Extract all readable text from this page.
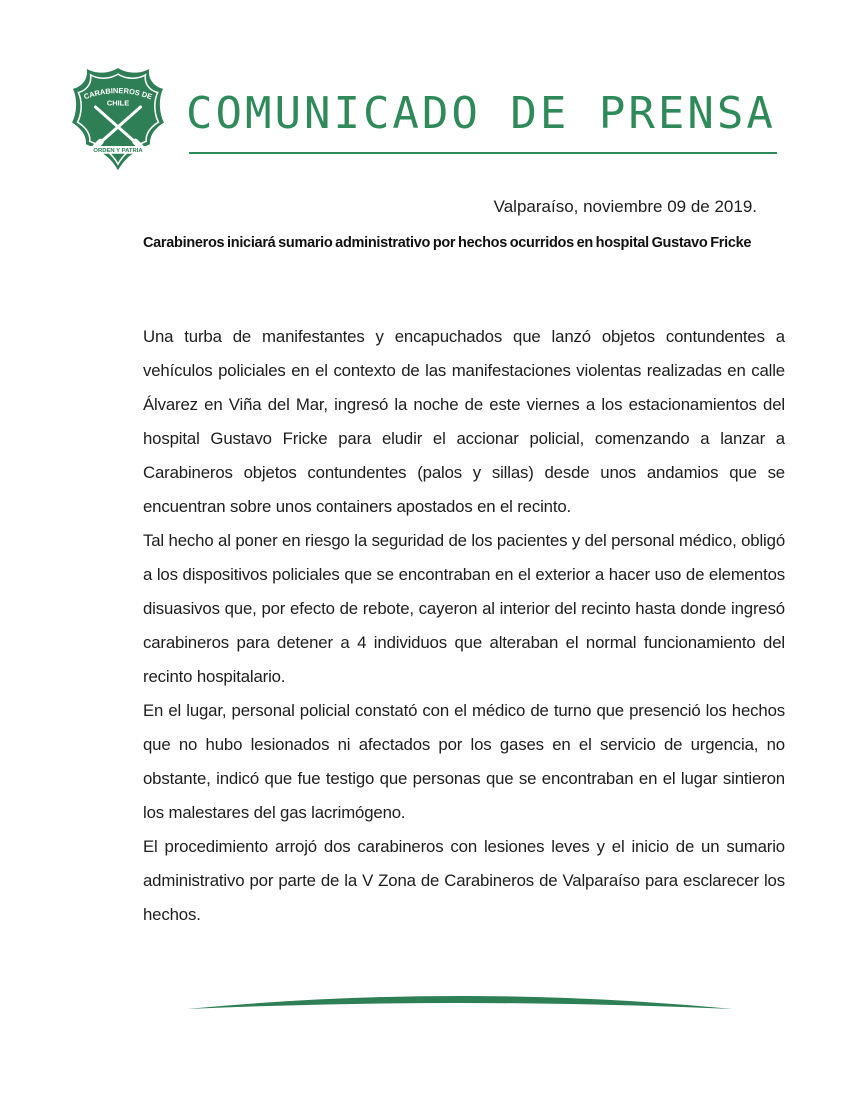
CARABINEROS DE
CHILE
ORDEN Y PATRIA
COMUNICADO DE PRENSA
Valparaíso, noviembre 09 de 2019.
Carabineros iniciará sumario administrativo por hechos ocurridos en hospital Gustavo Fricke

Una turba de manifestantes y encapuchados que lanzó objetos contundentes a vehículos policiales en el contexto de las manifestaciones violentas realizadas en calle Álvarez en Viña del Mar, ingresó la noche de este viernes a los estacionamientos del hospital Gustavo Fricke para eludir el accionar policial, comenzando a lanzar a Carabineros objetos contundentes (palos y sillas) desde unos andamios que se encuentran sobre unos containers apostados en el recinto.

Tal hecho al poner en riesgo la seguridad de los pacientes y del personal médico, obligó a los dispositivos policiales que se encontraban en el exterior a hacer uso de elementos disuasivos que, por efecto de rebote, cayeron al interior del recinto hasta donde ingresó carabineros para detener a 4 individuos que alteraban el normal funcionamiento del recinto hospitalario.

En el lugar, personal policial constató con el médico de turno que presenció los hechos que no hubo lesionados ni afectados por los gases en el servicio de urgencia, no obstante, indicó que fue testigo que personas que se encontraban en el lugar sintieron los malestares del gas lacrimógeno.

El procedimiento arrojó dos carabineros con lesiones leves y el inicio de un sumario administrativo por parte de la V Zona de Carabineros de Valparaíso para esclarecer los hechos.
